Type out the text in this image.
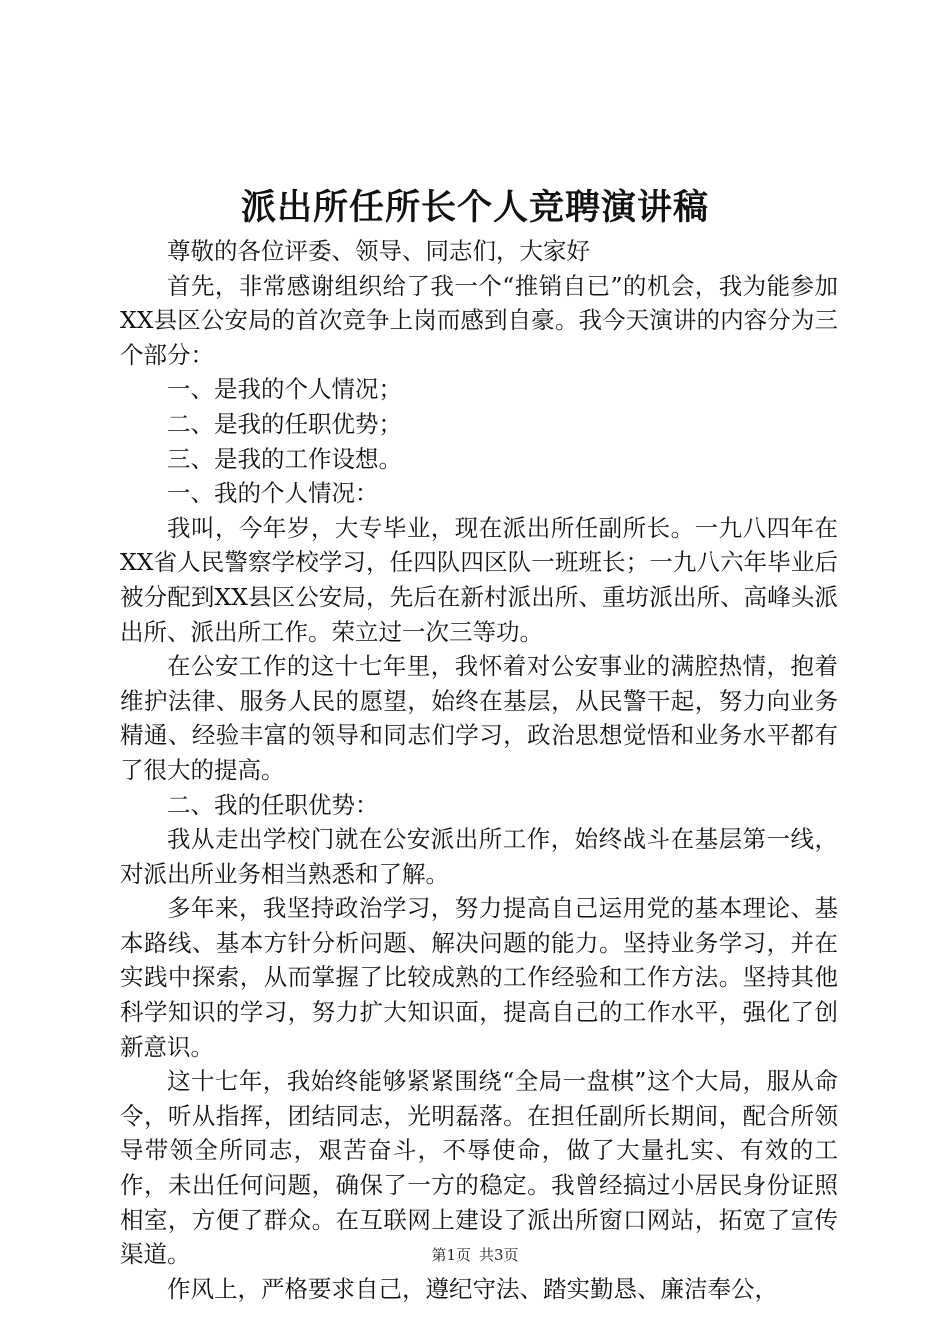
派出所任所长个人竞聘演讲稿

尊敬的各位评委、领导、同志们，大家好

首先，非常感谢组织给了我一个“推销自已”的机会，我为能参加XX县区公安局的首次竞争上岗而感到自豪。我今天演讲的内容分为三个部分：

一、是我的个人情况；

二、是我的任职优势；

三、是我的工作设想。

一、我的个人情况：

我叫，今年岁，大专毕业，现在派出所任副所长。一九八四年在XX省人民警察学校学习，任四队四区队一班班长；一九八六年毕业后被分配到XX县区公安局，先后在新村派出所、重坊派出所、高峰头派出所、派出所工作。荣立过一次三等功。

在公安工作的这十七年里，我怀着对公安事业的满腔热情，抱着维护法律、服务人民的愿望，始终在基层，从民警干起，努力向业务精通、经验丰富的领导和同志们学习，政治思想觉悟和业务水平都有了很大的提高。

二、我的任职优势：

我从走出学校门就在公安派出所工作，始终战斗在基层第一线，对派出所业务相当熟悉和了解。

多年来，我坚持政治学习，努力提高自己运用党的基本理论、基本路线、基本方针分析问题、解决问题的能力。坚持业务学习，并在实践中探索，从而掌握了比较成熟的工作经验和工作方法。坚持其他科学知识的学习，努力扩大知识面，提高自己的工作水平，强化了创新意识。

这十七年，我始终能够紧紧围绕“全局一盘棋”这个大局，服从命令，听从指挥，团结同志，光明磊落。在担任副所长期间，配合所领导带领全所同志，艰苦奋斗，不辱使命，做了大量扎实、有效的工作，未出任何问题，确保了一方的稳定。我曾经搞过小居民身份证照相室，方便了群众。在互联网上建设了派出所窗口网站，拓宽了宣传渠道。

作风上，严格要求自己，遵纪守法、踏实勤恳、廉洁奉公，

第1页 共3页
